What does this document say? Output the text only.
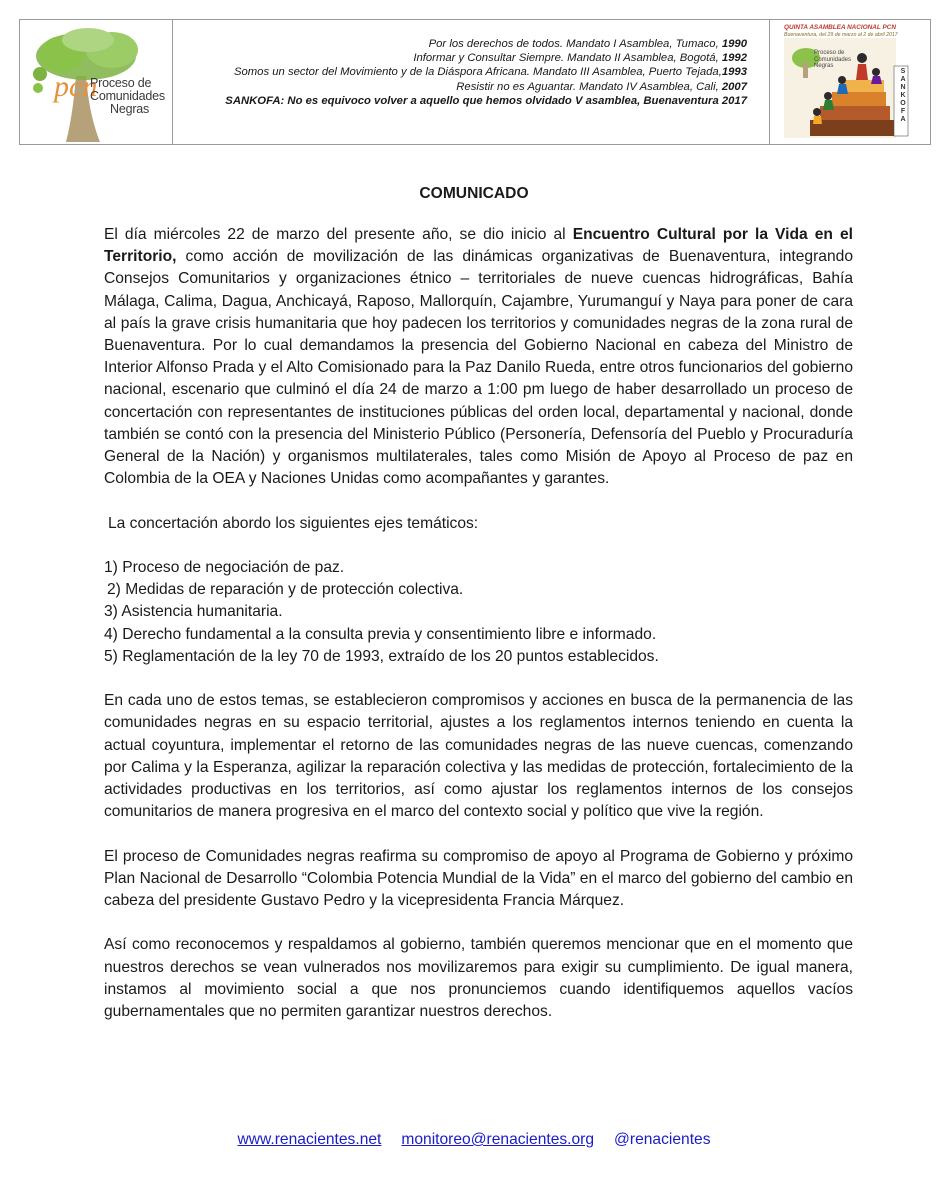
pcn
Proceso de
Comunidades
Negras
Por los derechos de todos. Mandato I Asamblea, Tumaco, 1990
Informar y Consultar Siempre. Mandato II Asamblea, Bogotá, 1992
Somos un sector del Movimiento y de la Diáspora Africana. Mandato III Asamblea, Puerto Tejada,1993
Resistir no es Aguantar. Mandato IV Asamblea, Cali, 2007
SANKOFA: No es equivoco volver a aquello que hemos olvidado V asamblea, Buenaventura 2017
QUINTA ASAMBLEA NACIONAL PCN
Buenaventura, del 29 de marzo al 2 de abril 2017
Proceso de
Comunidades
Negras
S
A
N
K
O
F
A
COMUNICADO

El día miércoles 22 de marzo del presente año, se dio inicio al Encuentro Cultural por la Vida en el Territorio, como acción de movilización de las dinámicas organizativas de Buenaventura, integrando Consejos Comunitarios y organizaciones étnico – territoriales de nueve cuencas hidrográficas, Bahía Málaga, Calima, Dagua, Anchicayá, Raposo, Mallorquín, Cajambre, Yurumanguí y Naya para poner de cara al país la grave crisis humanitaria que hoy padecen los territorios y comunidades negras de la zona rural de Buenaventura. Por lo cual demandamos la presencia del Gobierno Nacional en cabeza del Ministro de Interior Alfonso Prada y el Alto Comisionado para la Paz Danilo Rueda, entre otros funcionarios del gobierno nacional, escenario que culminó el día 24 de marzo a 1:00 pm luego de haber desarrollado un proceso de concertación con representantes de instituciones públicas del orden local, departamental y nacional, donde también se contó con la presencia del Ministerio Público (Personería, Defensoría del Pueblo y Procuraduría General de la Nación) y organismos multilaterales, tales como Misión de Apoyo al Proceso de paz en Colombia de la OEA y Naciones Unidas como acompañantes y garantes.

La concertación abordo los siguientes ejes temáticos:

1) Proceso de negociación de paz.

2) Medidas de reparación y de protección colectiva.

3) Asistencia humanitaria.

4) Derecho fundamental a la consulta previa y consentimiento libre e informado.

5) Reglamentación de la ley 70 de 1993, extraído de los 20 puntos establecidos.

En cada uno de estos temas, se establecieron compromisos y acciones en busca de la permanencia de las comunidades negras en su espacio territorial, ajustes a los reglamentos internos teniendo en cuenta la actual coyuntura, implementar el retorno de las comunidades negras de las nueve cuencas, comenzando por Calima y la Esperanza, agilizar la reparación colectiva y las medidas de protección, fortalecimiento de la actividades productivas en los territorios, así como ajustar los reglamentos internos de los consejos comunitarios de manera progresiva en el marco del contexto social y político que vive la región.

El proceso de Comunidades negras reafirma su compromiso de apoyo al Programa de Gobierno y próximo Plan Nacional de Desarrollo “Colombia Potencia Mundial de la Vida” en el marco del gobierno del cambio en cabeza del presidente Gustavo Pedro y la vicepresidenta Francia Márquez.

Así como reconocemos y respaldamos al gobierno, también queremos mencionar que en el momento que nuestros derechos se vean vulnerados nos movilizaremos para exigir su cumplimiento. De igual manera, instamos al movimiento social a que nos pronunciemos cuando identifiquemos aquellos vacíos gubernamentales que no permiten garantizar nuestros derechos.

www.renacientes.net monitoreo@renacientes.org @renacientes
